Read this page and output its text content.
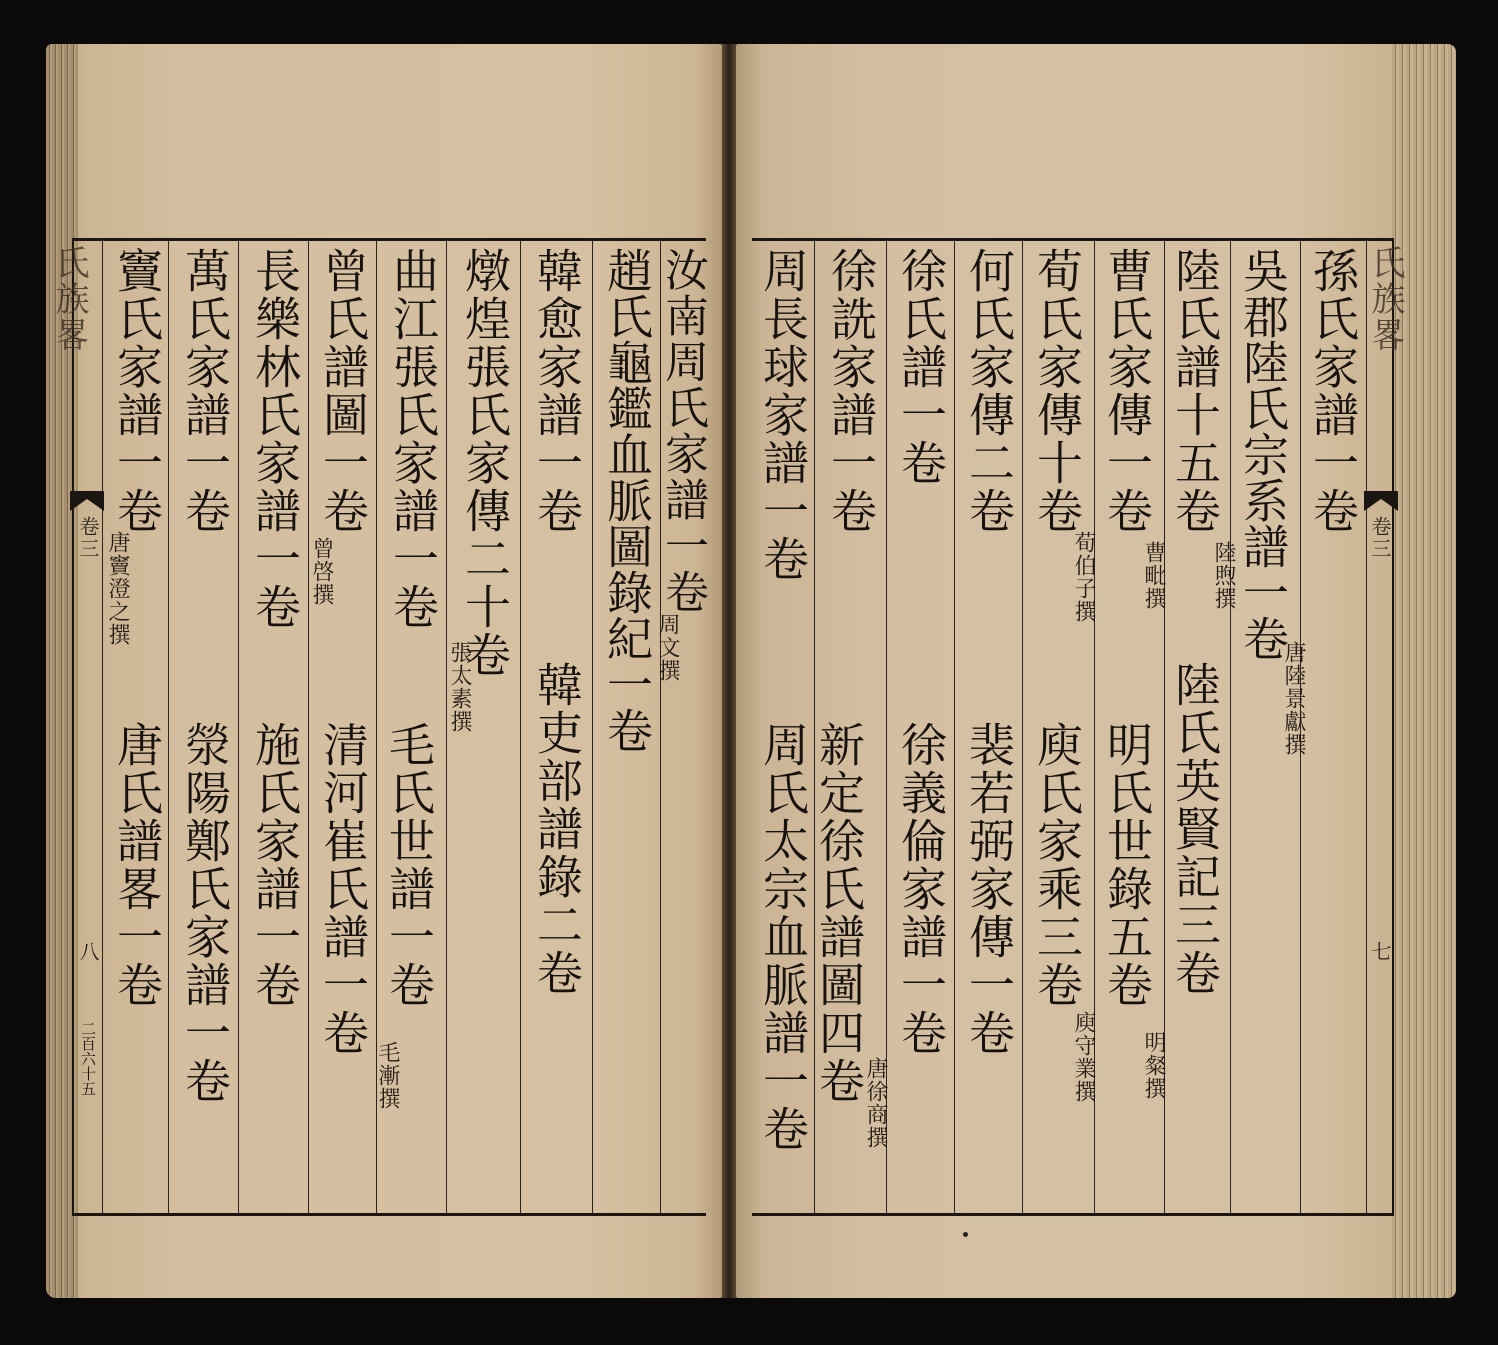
氏族畧
卷三
八
二百六十五
竇氏家譜一卷
唐竇澄之撰
唐氏譜畧一卷
萬氏家譜一卷
滎陽鄭氏家譜一卷
長樂林氏家譜一卷
施氏家譜一卷
曾氏譜圖一卷
曾啓撰
清河崔氏譜一卷
曲江張氏家譜一卷
毛氏世譜一卷
毛漸撰
燉煌張氏家傳二十卷
張太素撰
韓愈家譜一卷
韓吏部譜錄二卷
趙氏龜鑑血脈圖錄紀一卷 汝南周氏家譜一卷
周文撰
周長球家譜一卷
周氏太宗血脈譜一卷
徐詵家譜一卷
新定徐氏譜圖四卷
唐徐商撰
徐氏譜一卷
徐義倫家譜一卷
何氏家傳二卷
裴若弼家傳一卷
荀氏家傳十卷
荀伯子撰
庾氏家乘三卷
庾守業撰
曹氏家傳一卷
曹毗撰
明氏世錄五卷
明粲撰
陸氏譜十五卷
陸煦撰
陸氏英賢記三卷
吳郡陸氏宗系譜一卷
唐陸景獻撰
孫氏家譜一卷 氏族畧
卷三
七
